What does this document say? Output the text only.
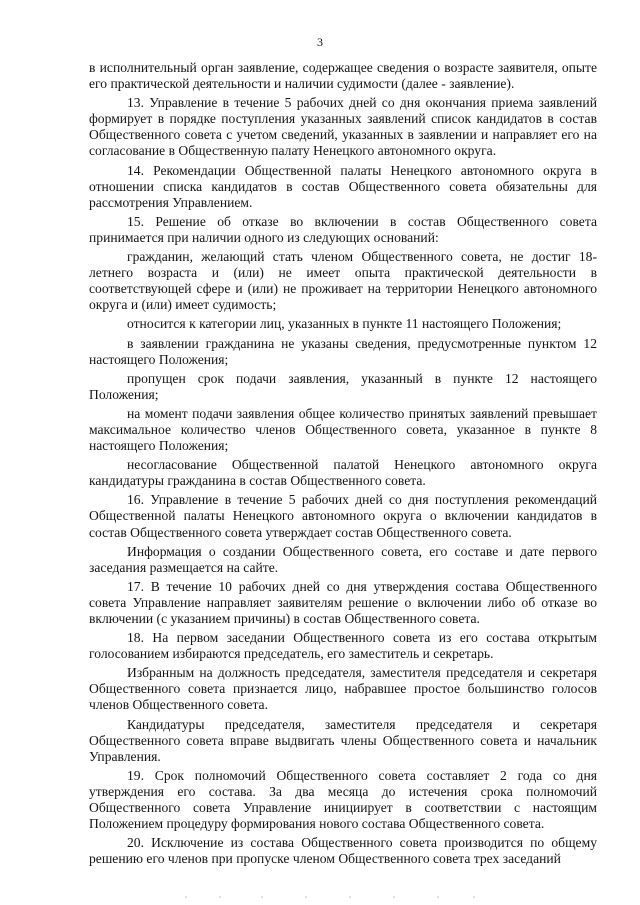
3

в исполнительный орган заявление, содержащее сведения о возрасте заявителя, опыте его практической деятельности и наличии судимости (далее - заявление).

13. Управление в течение 5 рабочих дней со дня окончания приема заявлений формирует в порядке поступления указанных заявлений список кандидатов в состав Общественного совета с учетом сведений, указанных в заявлении и направляет его на согласование в Общественную палату Ненецкого автономного округа.

14. Рекомендации Общественной палаты Ненецкого автономного округа в отношении списка кандидатов в состав Общественного совета обязательны для рассмотрения Управлением.

15. Решение об отказе во включении в состав Общественного совета принимается при наличии одного из следующих оснований:

гражданин, желающий стать членом Общественного совета, не достиг 18-летнего возраста и (или) не имеет опыта практической деятельности в соответствующей сфере и (или) не проживает на территории Ненецкого автономного округа и (или) имеет судимость;

относится к категории лиц, указанных в пункте 11 настоящего Положения;

в заявлении гражданина не указаны сведения, предусмотренные пунктом 12 настоящего Положения;

пропущен срок подачи заявления, указанный в пункте 12 настоящего Положения;

на момент подачи заявления общее количество принятых заявлений превышает максимальное количество членов Общественного совета, указанное в пункте 8 настоящего Положения;

несогласование Общественной палатой Ненецкого автономного округа кандидатуры гражданина в состав Общественного совета.

16. Управление в течение 5 рабочих дней со дня поступления рекомендаций Общественной палаты Ненецкого автономного округа о включении кандидатов в состав Общественного совета утверждает состав Общественного совета.

Информация о создании Общественного совета, его составе и дате первого заседания размещается на сайте.

17. В течение 10 рабочих дней со дня утверждения состава Общественного совета Управление направляет заявителям решение о включении либо об отказе во включении (с указанием причины) в состав Общественного совета.

18. На первом заседании Общественного совета из его состава открытым голосованием избираются председатель, его заместитель и секретарь.

Избранным на должность председателя, заместителя председателя и секретаря Общественного совета признается лицо, набравшее простое большинство голосов членов Общественного совета.

Кандидатуры председателя, заместителя председателя и секретаря Общественного совета вправе выдвигать члены Общественного совета и начальник Управления.

19. Срок полномочий Общественного совета составляет 2 года со дня утверждения его состава. За два месяца до истечения срока полномочий Общественного совета Управление инициирует в соответствии с настоящим Положением процедуру формирования нового состава Общественного совета.

20. Исключение из состава Общественного совета производится по общему решению его членов при пропуске членом Общественного совета трех заседаний
